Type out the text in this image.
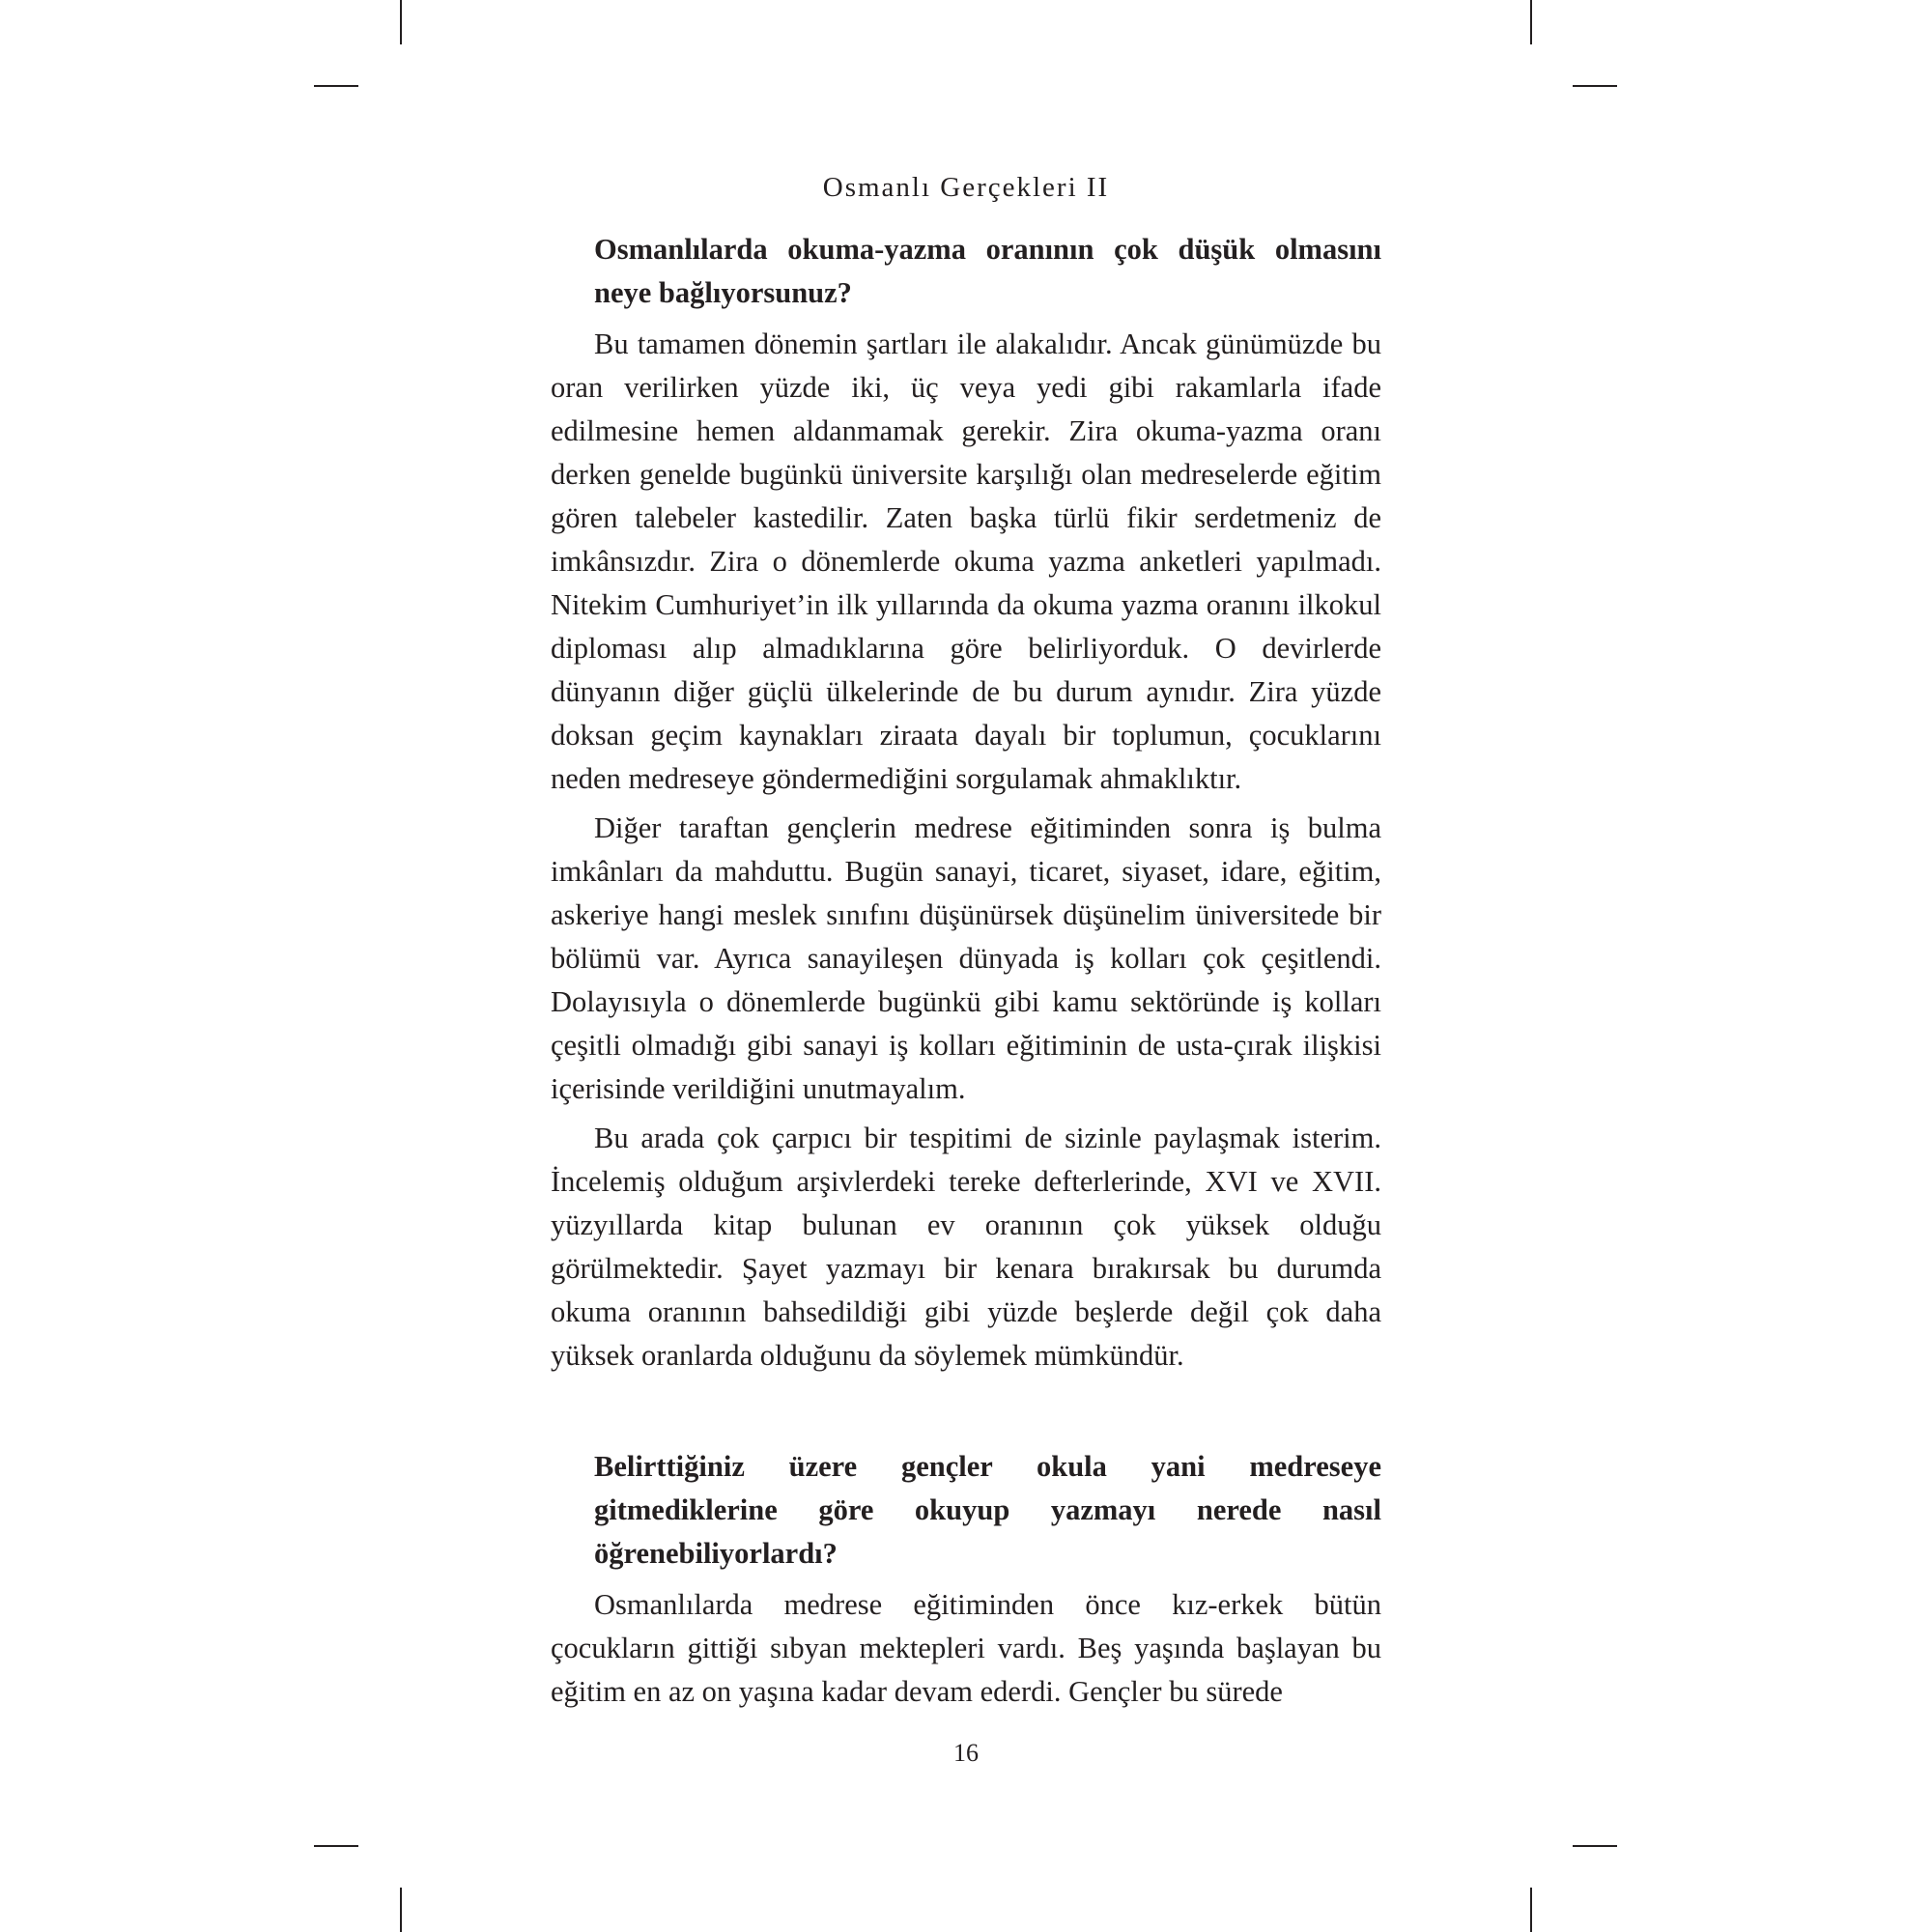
Osmanlı Gerçekleri II

Osmanlılarda okuma-yazma oranının çok düşük olmasını neye bağlıyorsunuz?

Bu tamamen dönemin şartları ile alakalıdır. Ancak günümüzde bu oran verilirken yüzde iki, üç veya yedi gibi rakamlarla ifade edilmesine hemen aldanmamak gerekir. Zira okuma-yazma oranı derken genelde bugünkü üniversite karşılığı olan medreselerde eğitim gören talebeler kastedilir. Zaten başka türlü fikir serdetmeniz de imkânsızdır. Zira o dönemlerde okuma yazma anketleri yapılmadı. Nitekim Cumhuriyet’in ilk yıllarında da okuma yazma oranını ilkokul diploması alıp almadıklarına göre belirliyorduk. O devirlerde dünyanın diğer güçlü ülkelerinde de bu durum aynıdır. Zira yüzde doksan geçim kaynakları ziraata dayalı bir toplumun, çocuklarını neden medreseye göndermediğini sorgulamak ahmaklıktır.

Diğer taraftan gençlerin medrese eğitiminden sonra iş bulma imkânları da mahduttu. Bugün sanayi, ticaret, siyaset, idare, eğitim, askeriye hangi meslek sınıfını düşünürsek düşünelim üniversitede bir bölümü var. Ayrıca sanayileşen dünyada iş kolları çok çeşitlendi. Dolayısıyla o dönemlerde bugünkü gibi kamu sektöründe iş kolları çeşitli olmadığı gibi sanayi iş kolları eğitiminin de usta-çırak ilişkisi içerisinde verildiğini unutmayalım.

Bu arada çok çarpıcı bir tespitimi de sizinle paylaşmak isterim. İncelemiş olduğum arşivlerdeki tereke defterlerinde, XVI ve XVII. yüzyıllarda kitap bulunan ev oranının çok yüksek olduğu görülmektedir. Şayet yazmayı bir kenara bırakırsak bu durumda okuma oranının bahsedildiği gibi yüzde beşlerde değil çok daha yüksek oranlarda olduğunu da söylemek mümkündür.

Belirttiğiniz üzere gençler okula yani medreseye gitmediklerine göre okuyup yazmayı nerede nasıl öğrenebiliyorlardı?

Osmanlılarda medrese eğitiminden önce kız-erkek bütün çocukların gittiği sıbyan mektepleri vardı. Beş yaşında başlayan bu eğitim en az on yaşına kadar devam ederdi. Gençler bu sürede

16
